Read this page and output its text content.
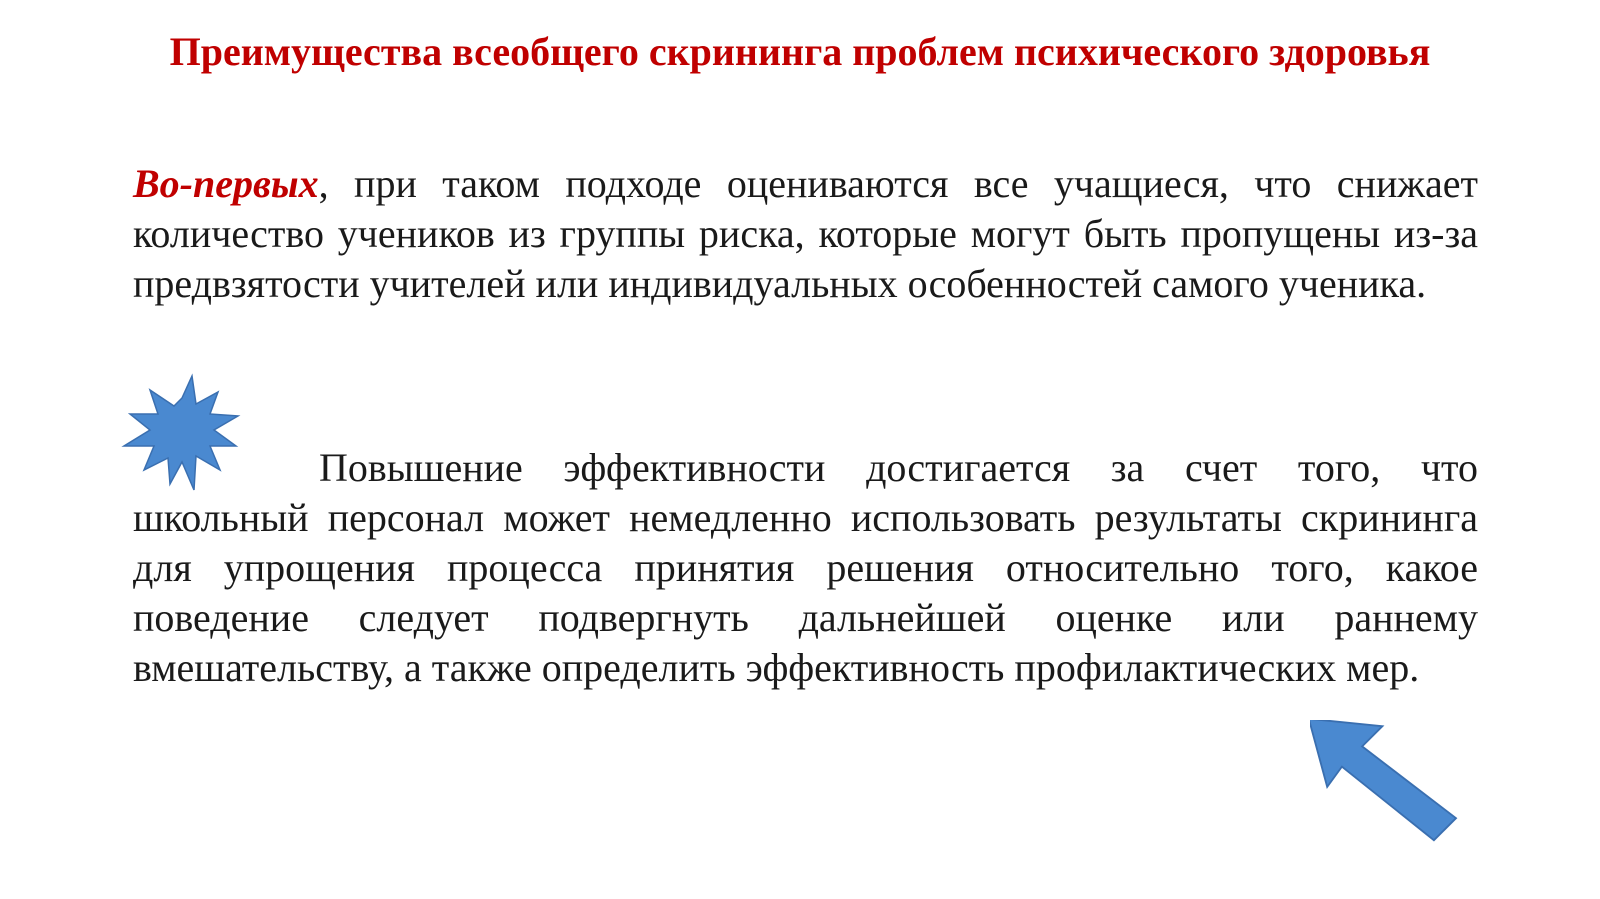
Преимущества всеобщего скрининга проблем психического здоровья

Во-первых, при таком подходе оцениваются все учащиеся, что снижает количество учеников из группы риска, которые могут быть пропущены из-за предвзятости учителей или индивидуальных особенностей самого ученика.

Повышение эффективности достигается за счет того, что школьный персонал может немедленно использовать результаты скрининга для упрощения процесса принятия решения относительно того, какое поведение следует подвергнуть дальнейшей оценке или раннему вмешательству, а также определить эффективность профилактических мер.
